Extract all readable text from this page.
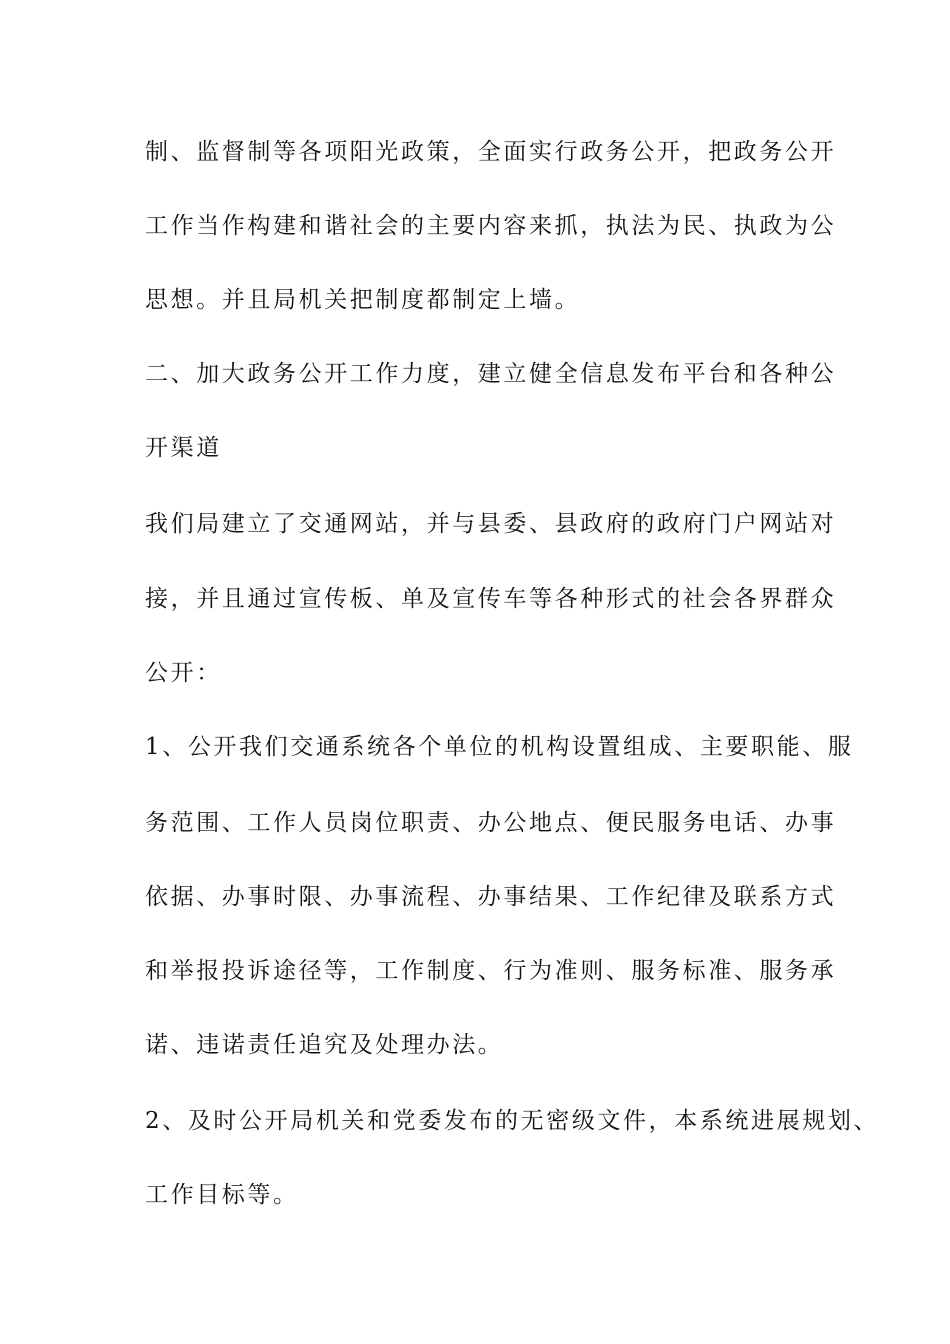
制、监督制等各项阳光政策，全面实行政务公开，把政务公开
工作当作构建和谐社会的主要内容来抓，执法为民、执政为公
思想。并且局机关把制度都制定上墙。
二、加大政务公开工作力度，建立健全信息发布平台和各种公
开渠道
我们局建立了交通网站，并与县委、县政府的政府门户网站对
接，并且通过宣传板、单及宣传车等各种形式的社会各界群众
公开：
1、公开我们交通系统各个单位的机构设置组成、主要职能、服
务范围、工作人员岗位职责、办公地点、便民服务电话、办事
依据、办事时限、办事流程、办事结果、工作纪律及联系方式
和举报投诉途径等，工作制度、行为准则、服务标准、服务承
诺、违诺责任追究及处理办法。
2、及时公开局机关和党委发布的无密级文件，本系统进展规划、
工作目标等。
